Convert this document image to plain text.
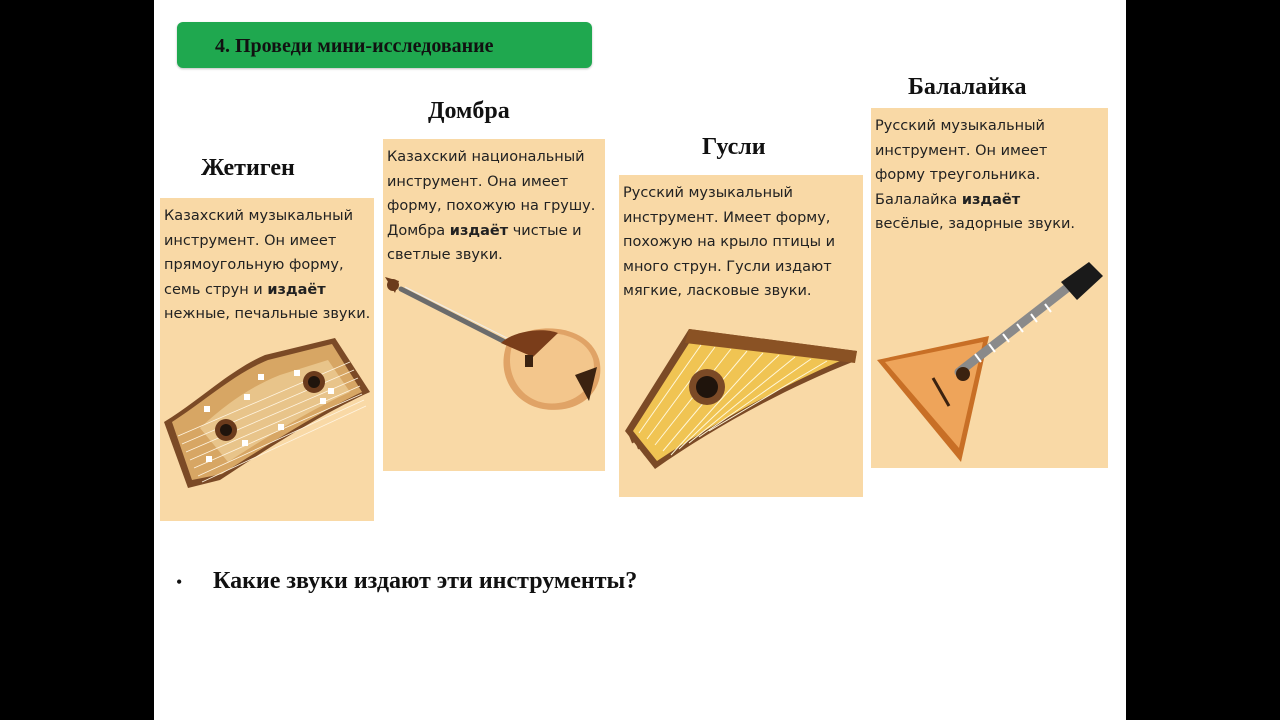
4. Проведи мини-исследование
Жетиген
Казахский музыкальный
инструмент. Он имеет
прямоугольную форму,
семь струн и издаёт
нежные, печальные звуки.
Домбра
Казахский национальный
инструмент. Она имеет
форму, похожую на грушу.
Домбра издаёт чистые и
светлые звуки.
Гусли
Русский музыкальный
инструмент. Имеет форму,
похожую на крыло птицы и
много струн. Гусли издают
мягкие, ласковые звуки.
Балалайка
Русский музыкальный
инструмент. Он имеет
форму треугольника.
Балалайка издаёт
весёлые, задорные звуки.
• Какие звуки издают эти инструменты?
